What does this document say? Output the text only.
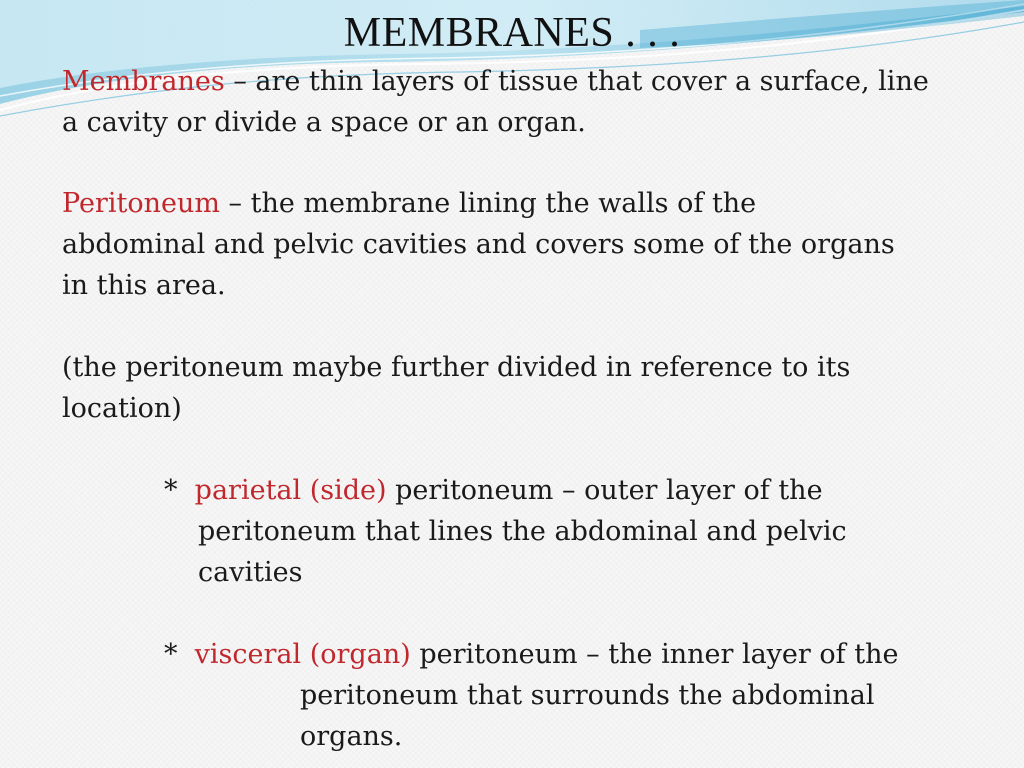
MEMBRANES . . .

Membranes – are thin layers of tissue that cover a surface, line
a cavity or divide a space or an organ.

Peritoneum – the membrane lining the walls of the
abdominal and pelvic cavities and covers some of the organs
in this area.

(the peritoneum maybe further divided in reference to its
location)

* parietal (side) peritoneum – outer layer of the

peritoneum that lines the abdominal and pelvic
cavities

* visceral (organ) peritoneum – the inner layer of the

peritoneum that surrounds the abdominal
organs.
